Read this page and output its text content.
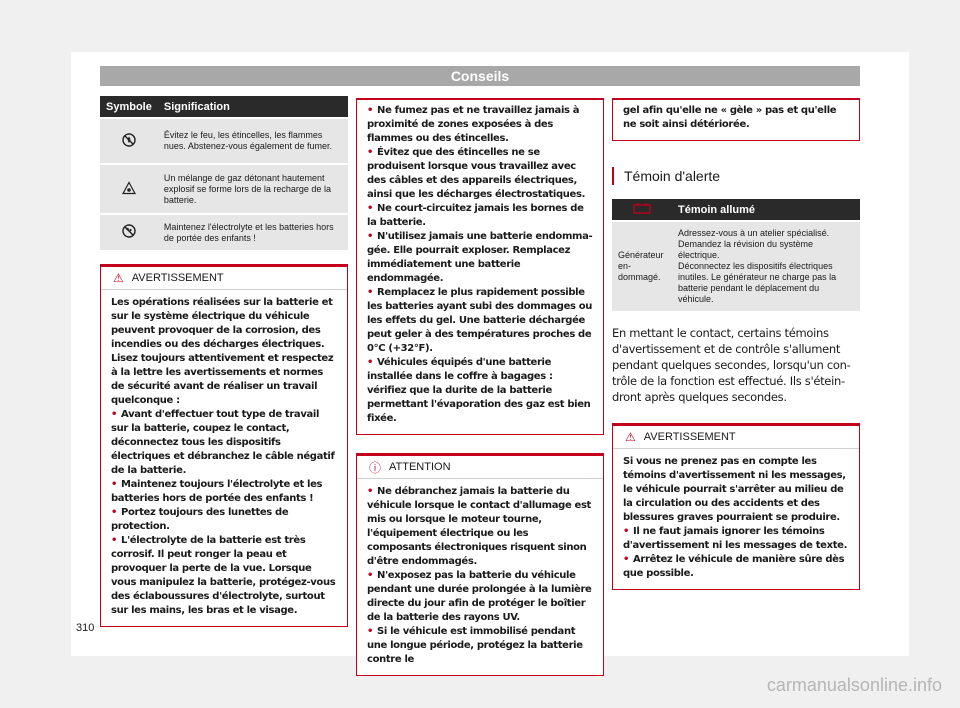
Conseils
Symbole	Signification
	Évitez le feu, les étincelles, les flammes nues. Abstenez-vous également de fumer.
	Un mélange de gaz détonant hautement explosif se forme lors de la recharge de la batterie.
	Maintenez l'électrolyte et les batteries hors de portée des enfants !
⚠ AVERTISSEMENT

Les opérations réalisées sur la batterie et sur le système électrique du véhicule peuvent provoquer de la corrosion, des incendies ou des décharges électriques. Lisez toujours attentivement et respectez à la lettre les avertissements et normes de sécurité avant de réaliser un travail quelconque :

• Avant d'effectuer tout type de travail sur la batterie, coupez le contact, déconnectez tous les dispositifs électriques et débranchez le câble négatif de la batterie.

• Maintenez toujours l'électrolyte et les batteries hors de portée des enfants !

• Portez toujours des lunettes de protection.

• L'électrolyte de la batterie est très corrosif. Il peut ronger la peau et provoquer la perte de la vue. Lorsque vous manipulez la batterie, protégez-vous des éclaboussures d'électrolyte, surtout sur les mains, les bras et le visage.

• Ne fumez pas et ne travaillez jamais à proximité de zones exposées à des flammes ou des étincelles.

• Évitez que des étincelles ne se produisent lorsque vous travaillez avec des câbles et des appareils électriques, ainsi que les décharges électrostatiques.

• Ne court-circuitez jamais les bornes de la batterie.

• N'utilisez jamais une batterie endommagée. Elle pourrait exploser. Remplacez immédiatement une batterie endommagée.

• Remplacez le plus rapidement possible les batteries ayant subi des dommages ou les effets du gel. Une batterie déchargée peut geler à des températures proches de 0°C (+32°F).

• Véhicules équipés d'une batterie installée dans le coffre à bagages : vérifiez que la durite de la batterie permettant l'évaporation des gaz est bien fixée.

ⓘ ATTENTION

• Ne débranchez jamais la batterie du véhicule lorsque le contact d'allumage est mis ou lorsque le moteur tourne, l'équipement électrique ou les composants électroniques risquent sinon d'être endommagés.

• N'exposez pas la batterie du véhicule pendant une durée prolongée à la lumière directe du jour afin de protéger le boîtier de la batterie des rayons UV.

• Si le véhicule est immobilisé pendant une longue période, protégez la batterie contre le

gel afin qu'elle ne « gèle » pas et qu'elle ne soit ainsi détériorée.

Témoin d'alerte
	Témoin allumé
Générateur endommagé.	Adressez-vous à un atelier spécialisé. Demandez la révision du système électrique.
Déconnectez les dispositifs électriques inutiles. Le générateur ne charge pas la batterie pendant le déplacement du véhicule.

En mettant le contact, certains témoins d'avertissement et de contrôle s'allument pendant quelques secondes, lorsqu'un contrôle de la fonction est effectué. Ils s'éteindront après quelques secondes.

⚠ AVERTISSEMENT

Si vous ne prenez pas en compte les témoins d'avertissement ni les messages, le véhicule pourrait s'arrêter au milieu de la circulation ou des accidents et des blessures graves pourraient se produire.

• Il ne faut jamais ignorer les témoins d'avertissement ni les messages de texte.

• Arrêtez le véhicule de manière sûre dès que possible.

310
carmanualsonline.info
